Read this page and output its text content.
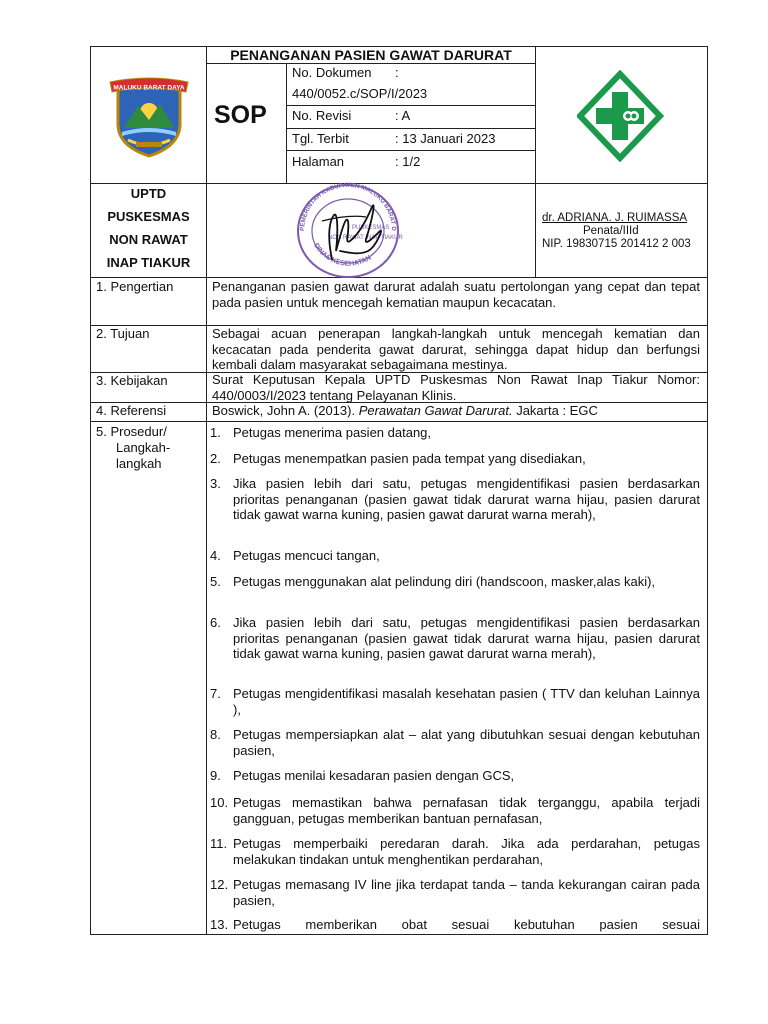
MALUKU BARAT DAYA
PENANGANAN PASIEN GAWAT DARURAT
SOP
No. Dokumen :
440/0052.c/SOP/I/2023
No. Revisi	: A
Tgl. Terbit	: 13 Januari 2023
Halaman	: 1/2
UPTD
PUSKESMAS
NON RAWAT
INAP TIAKUR
PEMERINTAH KABUPATEN MALUKU BARAT D
DINAS KESEHATAN
PUSKESMAS
NON RAWAT INAP TIAKUR
dr. ADRIANA. J. RUIMASSA
Penata/IIId
NIP. 19830715 201412 2 003
1. Pengertian	Penanganan pasien gawat darurat adalah suatu pertolongan yang cepat dan tepat pada pasien untuk mencegah kematian maupun kecacatan.
2. Tujuan	Sebagai acuan penerapan langkah-langkah untuk mencegah kematian dan kecacatan pada penderita gawat darurat, sehingga dapat hidup dan berfungsi kembali dalam masyarakat sebagaimana mestinya.
3. Kebijakan	Surat Keputusan Kepala UPTD Puskesmas Non Rawat Inap Tiakur Nomor: 440/0003/I/2023 tentang Pelayanan Klinis.
4. Referensi	Boswick, John A. (2013). Perawatan Gawat Darurat. Jakarta : EGC
5. Prosedur/
Langkah-
langkah
1. Petugas menerima pasien datang,
2. Petugas menempatkan pasien pada tempat yang disediakan,
3. Jika pasien lebih dari satu, petugas mengidentifikasi pasien berdasarkan prioritas penanganan (pasien gawat tidak darurat warna hijau, pasien darurat tidak gawat warna kuning, pasien gawat darurat warna merah),
4. Petugas mencuci tangan,
5. Petugas menggunakan alat pelindung diri (handscoon, masker,alas kaki),
6. Jika pasien lebih dari satu, petugas mengidentifikasi pasien berdasarkan prioritas penanganan (pasien gawat tidak darurat warna hijau, pasien darurat tidak gawat warna kuning, pasien gawat darurat warna merah),
7. Petugas mengidentifikasi masalah kesehatan pasien ( TTV dan keluhan Lainnya ),
8. Petugas mempersiapkan alat – alat yang dibutuhkan sesuai dengan kebutuhan pasien,
9. Petugas menilai kesadaran pasien dengan GCS,
10. Petugas memastikan bahwa pernafasan tidak terganggu, apabila terjadi gangguan, petugas memberikan bantuan pernafasan,
11. Petugas memperbaiki peredaran darah. Jika ada perdarahan, petugas melakukan tindakan untuk menghentikan perdarahan,
12. Petugas memasang IV line jika terdapat tanda – tanda kekurangan cairan pada pasien,
13. Petugas memberikan obat sesuai kebutuhan pasien sesuai
